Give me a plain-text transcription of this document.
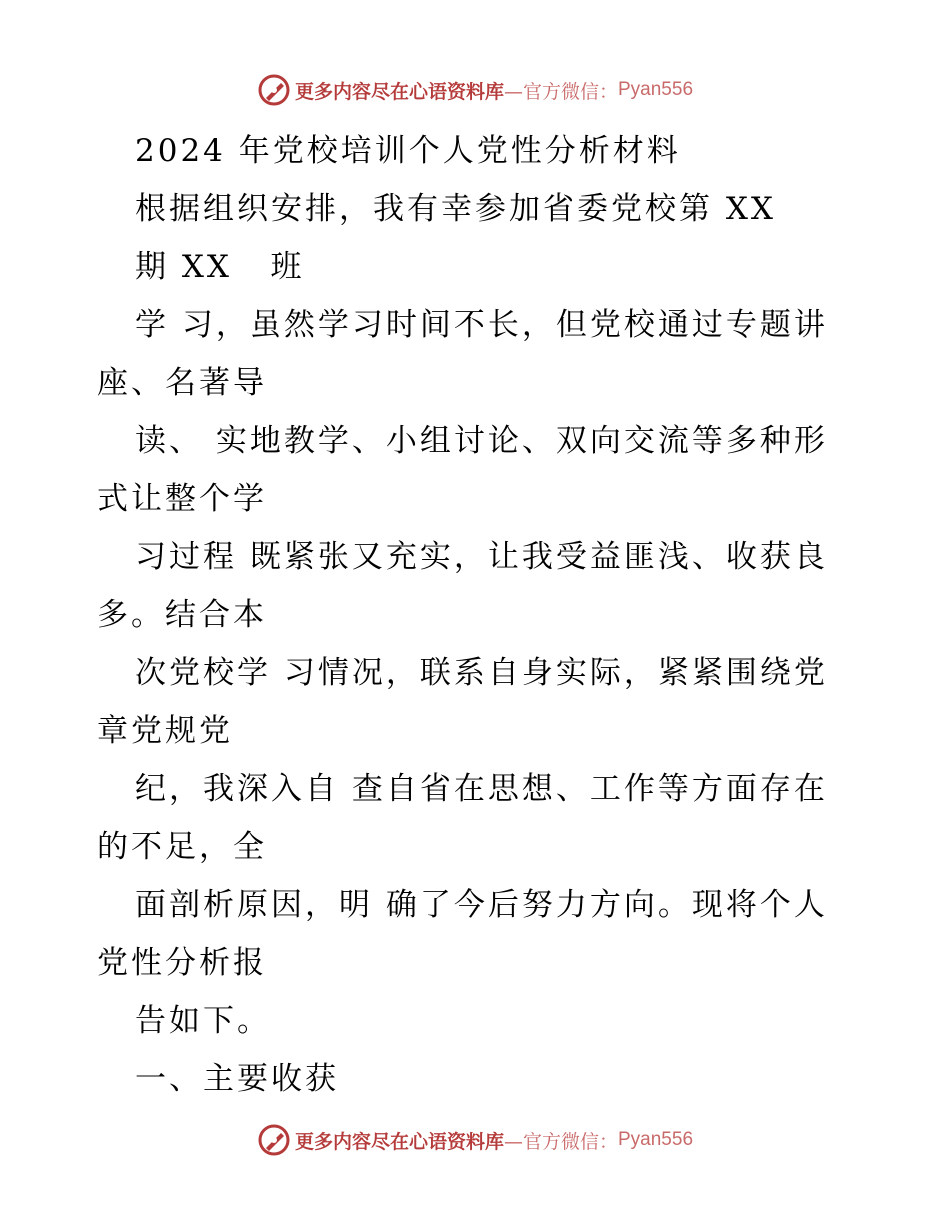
更多内容尽在心语资料库 —官方微信： Pyan556
2024 年党校培训个人党性分析材料
根据组织安排，我有幸参加省委党校第 XX
期 XX   班
学 习，虽然学习时间不长，但党校通过专题讲
座、名著导
读、 实地教学、小组讨论、双向交流等多种形
式让整个学
习过程 既紧张又充实，让我受益匪浅、收获良
多。结合本
次党校学 习情况，联系自身实际，紧紧围绕党
章党规党
纪，我深入自 查自省在思想、工作等方面存在
的不足，全
面剖析原因，明 确了今后努力方向。现将个人
党性分析报
告如下。
一、主要收获
更多内容尽在心语资料库 —官方微信： Pyan556
